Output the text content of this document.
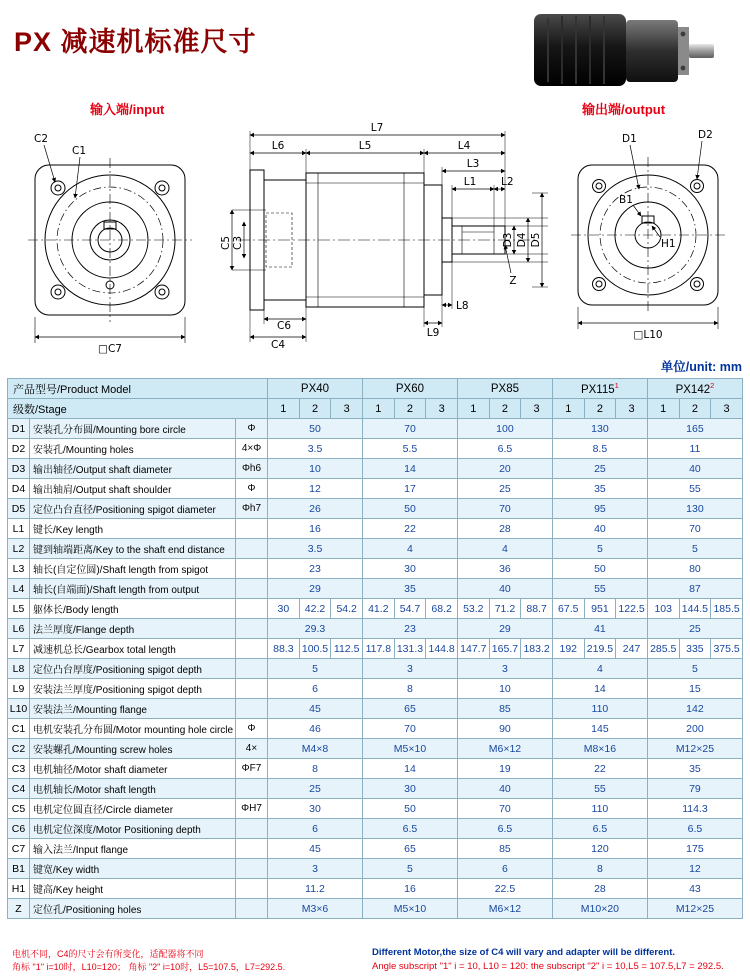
PX 减速机标准尺寸
输入端/input	输出端/output
C2
C1
□C7
L7
L6	L5	L4
L3
L1 L2
C5 C3
C6
C4
L9
L8
D3 D4 D5
Z
D1	D2
B1
H1
□L10
单位/unit: mm
产品型号/Product Model			PX40			PX60			PX85			PX115$^1$			PX142$^2$
级数/Stage			1	2	3	1	2	3	1	2	3	1	2	3	1	2	3
D1	安装孔分布圆/Mounting bore circle	Φ	50			70			100			130			165		
D2	安装孔/Mounting holes	4×Φ	3.5			5.5			6.5			8.5			11		
D3	输出轴径/Output shaft diameter	Φh6	10			14			20			25			40		
D4	输出轴肩/Output shaft shoulder	Φ	12			17			25			35			55		
D5	定位凸台直径/Positioning spigot diameter	Φh7	26			50			70			95			130		
L1	键长/Key length		16			22			28			40			70		
L2	键到轴端距离/Key to the shaft end distance		3.5			4			4			5			5		
L3	轴长(自定位圆)/Shaft length from spigot		23			30			36			50			80		
L4	轴长(自端面)/Shaft length from output		29			35			40			55			87		
L5	躯体长/Body length		30	42.2	54.2	41.2	54.7	68.2	53.2	71.2	88.7	67.5	951	122.5	103	144.5	185.5
L6	法兰厚度/Flange depth		29.3			23			29			41			25		
L7	减速机总长/Gearbox total length		88.3	100.5	112.5	117.8	131.3	144.8	147.7	165.7	183.2	192	219.5	247	285.5	335	375.5
L8	定位凸台厚度/Positioning spigot depth		5			3			3			4			5		
L9	安装法兰厚度/Positioning spigot depth		6			8			10			14			15		
L10	安装法兰/Mounting flange		45			65			85			110			142		
C1	电机安装孔分布圆/Motor mounting hole circle	Φ	46			70			90			145			200		
C2	安装螺孔/Mounting screw holes	4×	M4×8			M5×10			M6×12			M8×16			M12×25		
C3	电机轴径/Motor shaft diameter	ΦF7	8			14			19			22			35		
C4	电机轴长/Motor shaft length		25			30			40			55			79		
C5	电机定位圆直径/Circle diameter	ΦH7	30			50			70			110			114.3		
C6	电机定位深度/Motor Positioning depth		6			6.5			6.5			6.5			6.5		
C7	输入法兰/Input flange		45			65			85			120			175		
B1	键宽/Key width		3			5			6			8			12		
H1	键高/Key height		11.2			16			22.5			28			43		
Z	定位孔/Positioning holes		M3×6			M5×10			M6×12			M10×20			M12×25		
电机不同，C4的尺寸会有所变化，适配器将不同
角标 "1" i=10时，L10=120； 角标 "2" i=10时，L5=107.5，L7=292.5.
Different Motor,the size of C4 will vary and adapter will be different.
Angle subscript "1" i = 10, L10 = 120: the subscript "2" i = 10,L5 = 107.5,L7 = 292.5.
